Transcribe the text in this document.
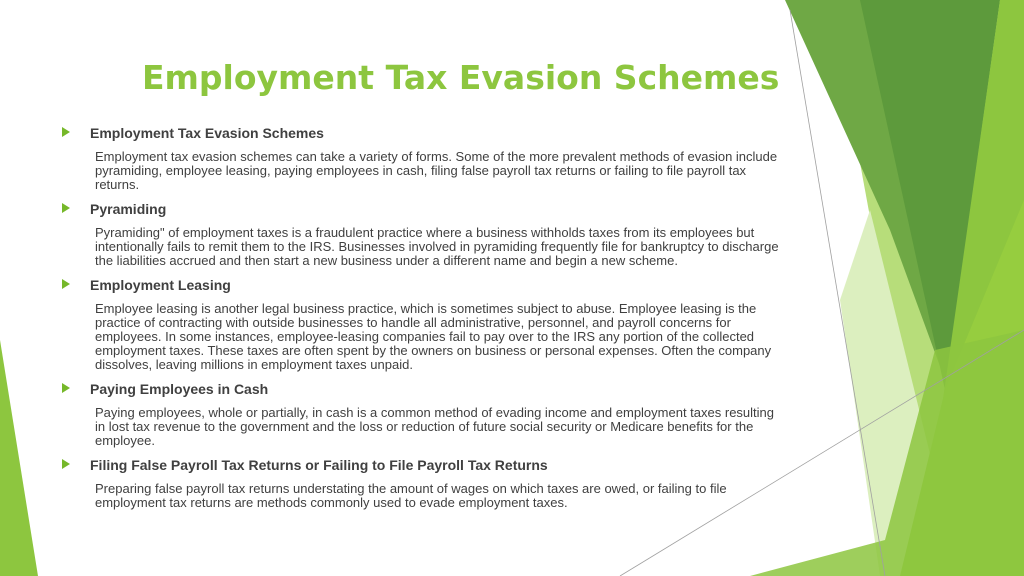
Employment Tax Evasion Schemes

Employment Tax Evasion Schemes

Employment tax evasion schemes can take a variety of forms. Some of the more prevalent methods of evasion include pyramiding, employee leasing, paying employees in cash, filing false payroll tax returns or failing to file payroll tax returns.

Pyramiding

Pyramiding" of employment taxes is a fraudulent practice where a business withholds taxes from its employees but intentionally fails to remit them to the IRS. Businesses involved in pyramiding frequently file for bankruptcy to discharge the liabilities accrued and then start a new business under a different name and begin a new scheme.

Employment Leasing

Employee leasing is another legal business practice, which is sometimes subject to abuse. Employee leasing is the practice of contracting with outside businesses to handle all administrative, personnel, and payroll concerns for employees. In some instances, employee-leasing companies fail to pay over to the IRS any portion of the collected employment taxes. These taxes are often spent by the owners on business or personal expenses. Often the company dissolves, leaving millions in employment taxes unpaid.

Paying Employees in Cash

Paying employees, whole or partially, in cash is a common method of evading income and employment taxes resulting in lost tax revenue to the government and the loss or reduction of future social security or Medicare benefits for the employee.

Filing False Payroll Tax Returns or Failing to File Payroll Tax Returns

Preparing false payroll tax returns understating the amount of wages on which taxes are owed, or failing to file employment tax returns are methods commonly used to evade employment taxes.
